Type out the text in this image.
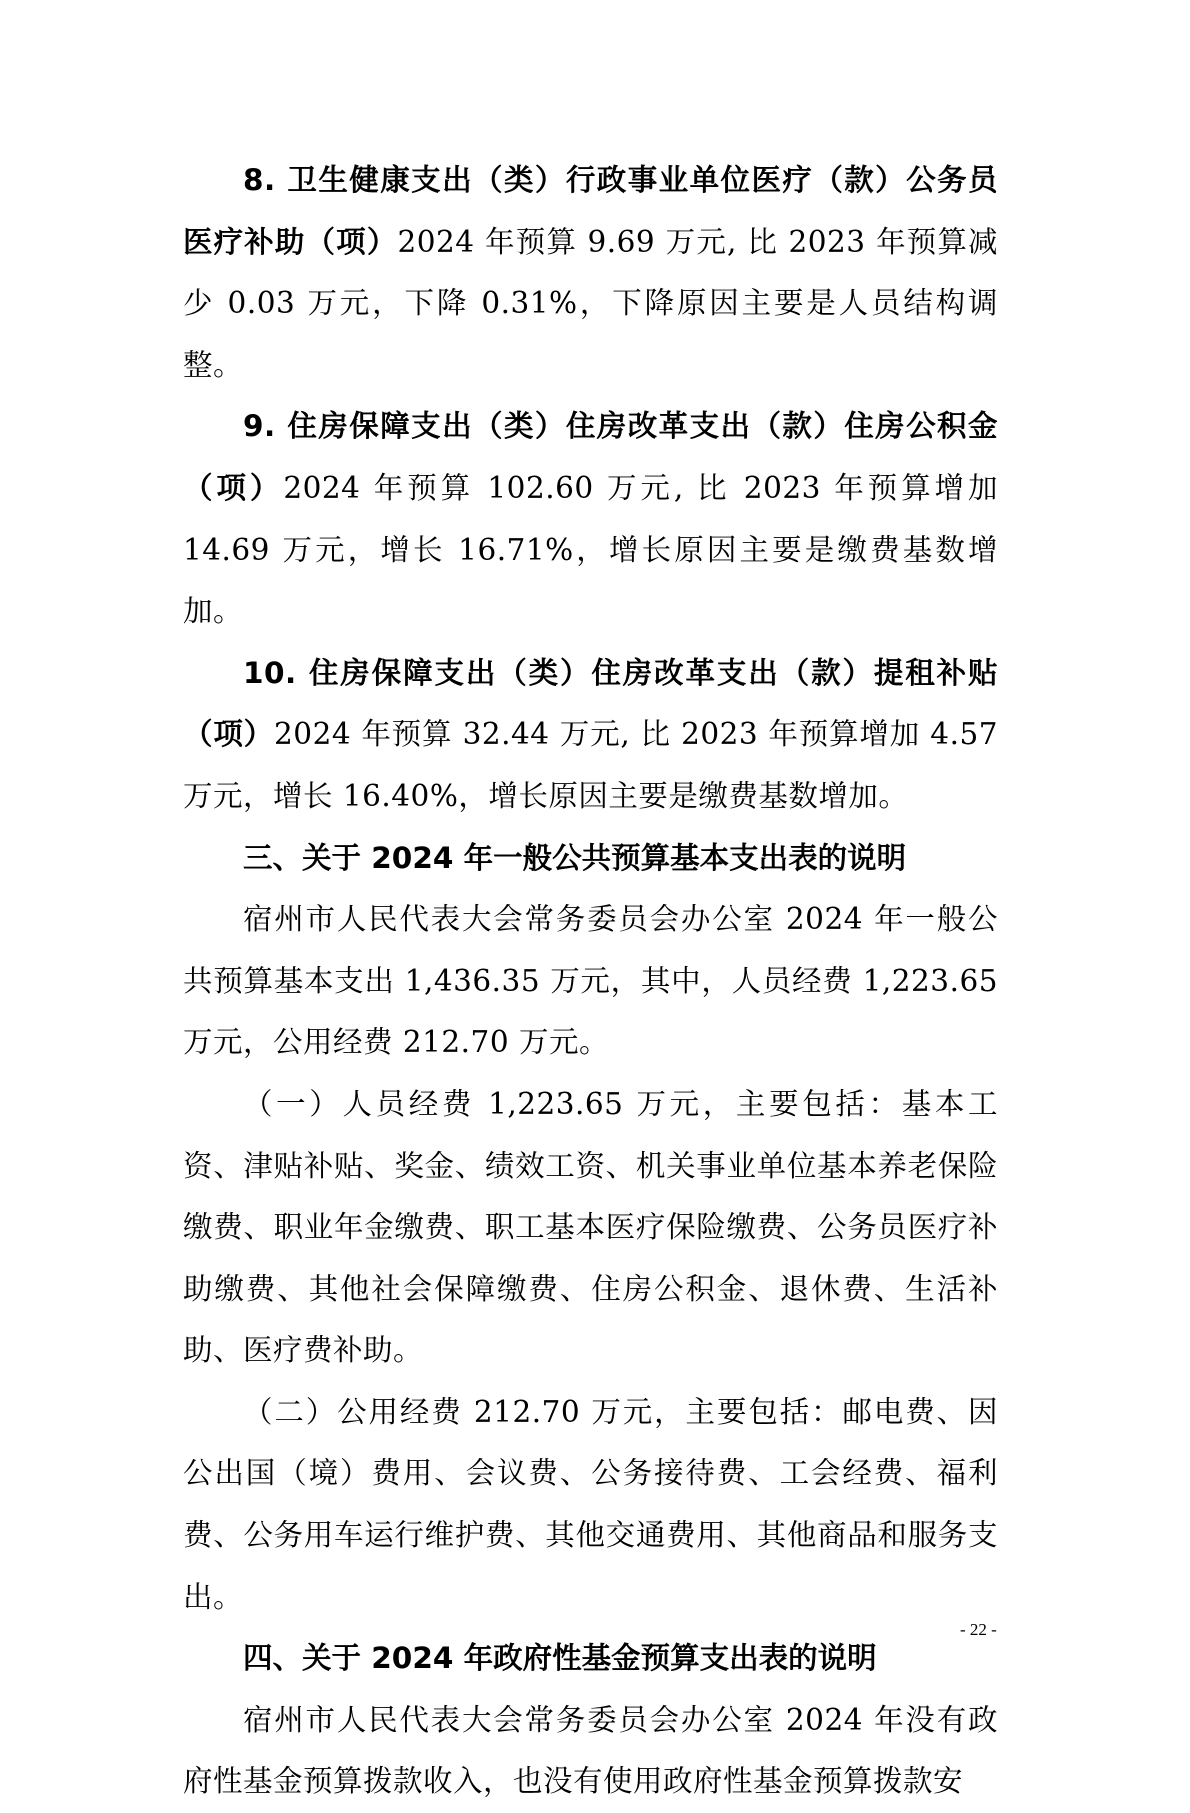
8. 卫生健康支出（类）行政事业单位医疗（款）公务员医疗补助（项）2024 年预算 9.69 万元, 比 2023 年预算减少 0.03 万元，下降 0.31%，下降原因主要是人员结构调整。

9. 住房保障支出（类）住房改革支出（款）住房公积金（项）2024 年预算 102.60 万元, 比 2023 年预算增加 14.69 万元，增长 16.71%，增长原因主要是缴费基数增加。

10. 住房保障支出（类）住房改革支出（款）提租补贴（项）2024 年预算 32.44 万元, 比 2023 年预算增加 4.57 万元，增长 16.40%，增长原因主要是缴费基数增加。

三、关于 2024 年一般公共预算基本支出表的说明

宿州市人民代表大会常务委员会办公室 2024 年一般公共预算基本支出 1,436.35 万元，其中，人员经费 1,223.65 万元，公用经费 212.70 万元。

（一）人员经费 1,223.65 万元，主要包括：基本工资、津贴补贴、奖金、绩效工资、机关事业单位基本养老保险缴费、职业年金缴费、职工基本医疗保险缴费、公务员医疗补助缴费、其他社会保障缴费、住房公积金、退休费、生活补助、医疗费补助。

（二）公用经费 212.70 万元，主要包括：邮电费、因公出国（境）费用、会议费、公务接待费、工会经费、福利费、公务用车运行维护费、其他交通费用、其他商品和服务支出。

四、关于 2024 年政府性基金预算支出表的说明

宿州市人民代表大会常务委员会办公室 2024 年没有政府性基金预算拨款收入，也没有使用政府性基金预算拨款安

- 22 -
